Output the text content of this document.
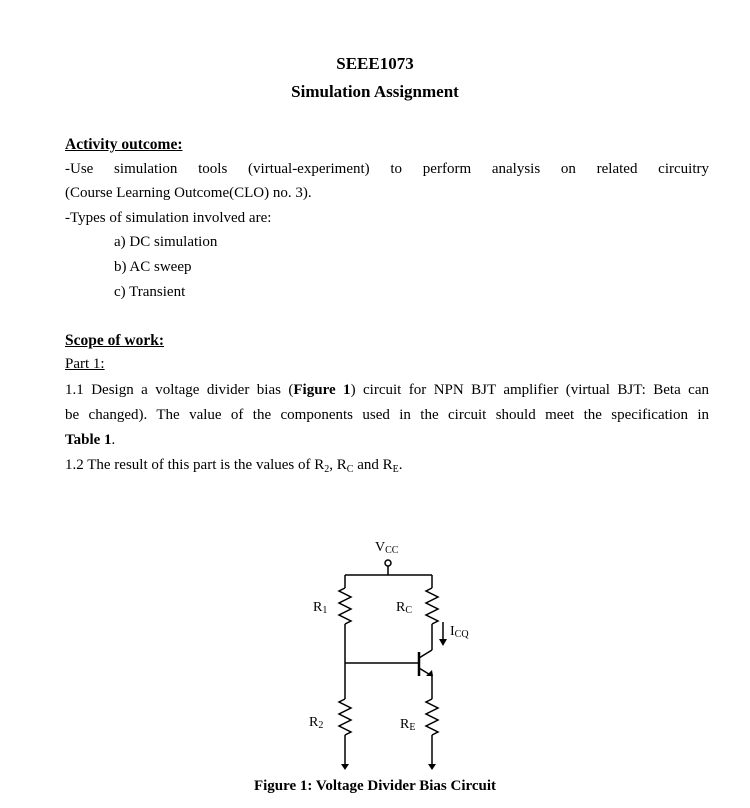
SEEE1073
Simulation Assignment
Activity outcome:
-Use simulation tools (virtual-experiment) to perform analysis on related circuitry
(Course Learning Outcome(CLO) no. 3).
-Types of simulation involved are:
a) DC simulation
b) AC sweep
c) Transient
Scope of work:
Part 1:
1.1 Design a voltage divider bias (Figure 1) circuit for NPN BJT amplifier (virtual BJT: Beta can
be changed). The value of the components used in the circuit should meet the specification in
Table 1.
1.2 The result of this part is the values of $R_2$, $R_C$ and $R_E$.
VCC
R1	RC
ICQ
R2	RE
Figure 1: Voltage Divider Bias Circuit
